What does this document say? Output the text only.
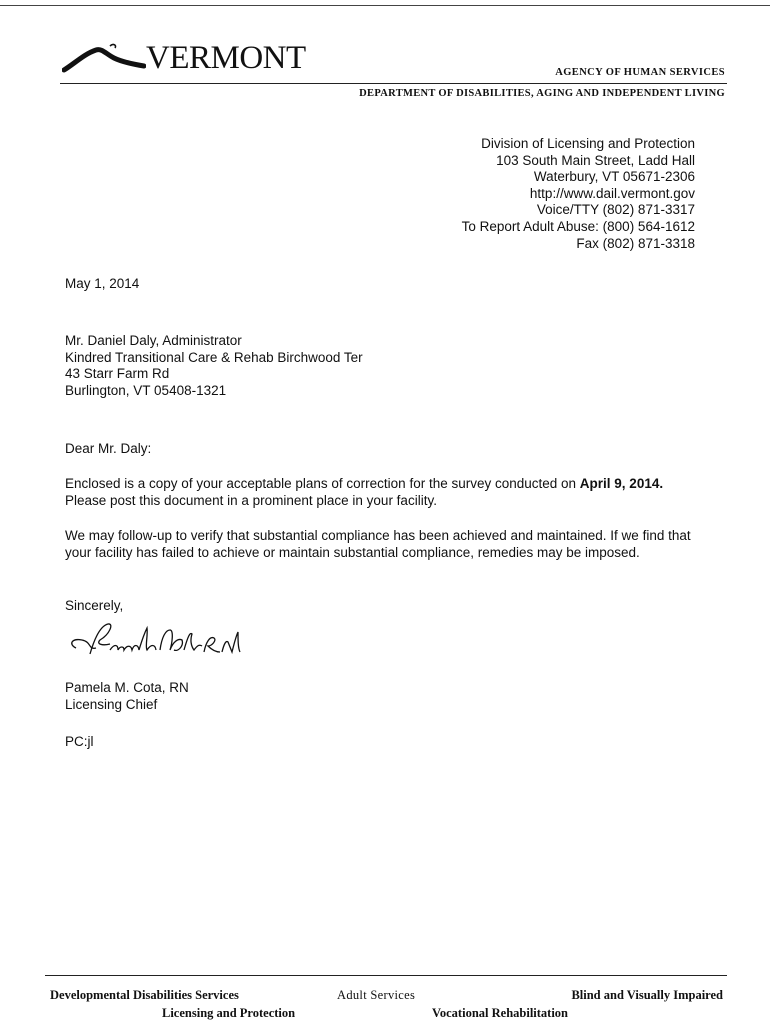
VERMONT	AGENCY OF HUMAN SERVICES
DEPARTMENT OF DISABILITIES, AGING AND INDEPENDENT LIVING
Division of Licensing and Protection
103 South Main Street, Ladd Hall
Waterbury, VT 05671-2306
http://www.dail.vermont.gov
Voice/TTY (802) 871-3317
To Report Adult Abuse: (800) 564-1612
Fax (802) 871-3318
May 1, 2014
Mr. Daniel Daly, Administrator
Kindred Transitional Care & Rehab Birchwood Ter
43 Starr Farm Rd
Burlington, VT 05408-1321
Dear Mr. Daly:
Enclosed is a copy of your acceptable plans of correction for the survey conducted on April 9, 2014. Please post this document in a prominent place in your facility.
We may follow-up to verify that substantial compliance has been achieved and maintained. If we find that your facility has failed to achieve or maintain substantial compliance, remedies may be imposed.
Sincerely,
Pamela M. Cota, RN
Licensing Chief
PC:jl
Developmental Disabilities Services	Adult Services	Blind and Visually Impaired
Licensing and Protection	Vocational Rehabilitation
